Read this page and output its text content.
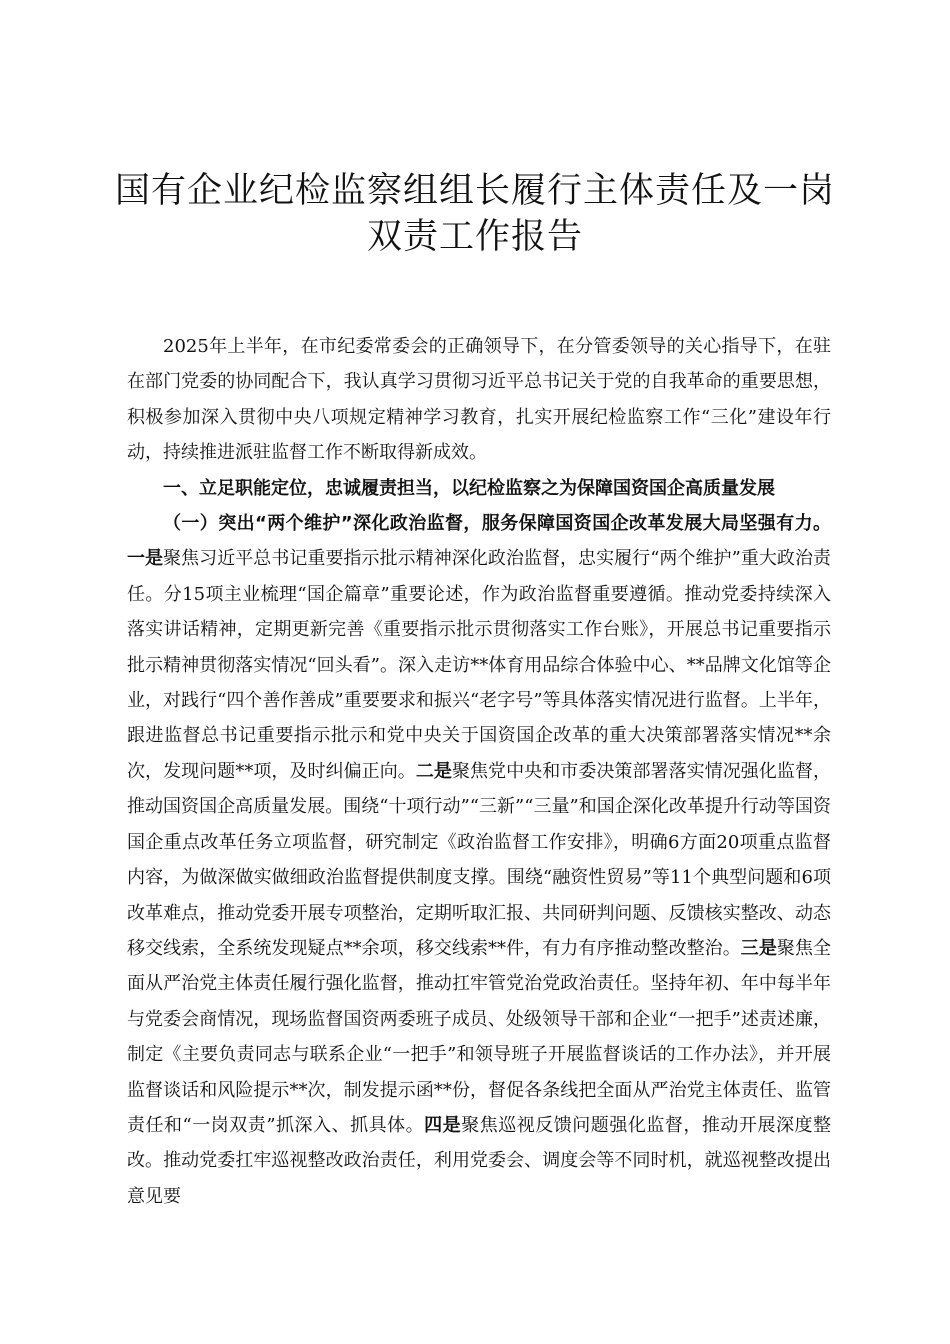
国有企业纪检监察组组长履行主体责任及一岗双责工作报告

2025年上半年，在市纪委常委会的正确领导下，在分管委领导的关心指导下，在驻在部门党委的协同配合下，我认真学习贯彻习近平总书记关于党的自我革命的重要思想，积极参加深入贯彻中央八项规定精神学习教育，扎实开展纪检监察工作“三化”建设年行动，持续推进派驻监督工作不断取得新成效。

一、立足职能定位，忠诚履责担当，以纪检监察之为保障国资国企高质量发展

（一）突出“两个维护”深化政治监督，服务保障国资国企改革发展大局坚强有力。一是聚焦习近平总书记重要指示批示精神深化政治监督，忠实履行“两个维护”重大政治责任。分15项主业梳理“国企篇章”重要论述，作为政治监督重要遵循。推动党委持续深入落实讲话精神，定期更新完善《重要指示批示贯彻落实工作台账》，开展总书记重要指示批示精神贯彻落实情况“回头看”。深入走访**体育用品综合体验中心、**品牌文化馆等企业，对践行“四个善作善成”重要要求和振兴“老字号”等具体落实情况进行监督。上半年，跟进监督总书记重要指示批示和党中央关于国资国企改革的重大决策部署落实情况**余次，发现问题**项，及时纠偏正向。二是聚焦党中央和市委决策部署落实情况强化监督，推动国资国企高质量发展。围绕“十项行动”“三新”“三量”和国企深化改革提升行动等国资国企重点改革任务立项监督，研究制定《政治监督工作安排》，明确6方面20项重点监督内容，为做深做实做细政治监督提供制度支撑。围绕“融资性贸易”等11个典型问题和6项改革难点，推动党委开展专项整治，定期听取汇报、共同研判问题、反馈核实整改、动态移交线索，全系统发现疑点**余项，移交线索**件，有力有序推动整改整治。三是聚焦全面从严治党主体责任履行强化监督，推动扛牢管党治党政治责任。坚持年初、年中每半年与党委会商情况，现场监督国资两委班子成员、处级领导干部和企业“一把手”述责述廉，制定《主要负责同志与联系企业“一把手”和领导班子开展监督谈话的工作办法》，并开展监督谈话和风险提示**次，制发提示函**份，督促各条线把全面从严治党主体责任、监管责任和“一岗双责”抓深入、抓具体。四是聚焦巡视反馈问题强化监督，推动开展深度整改。推动党委扛牢巡视整改政治责任，利用党委会、调度会等不同时机，就巡视整改提出意见要
